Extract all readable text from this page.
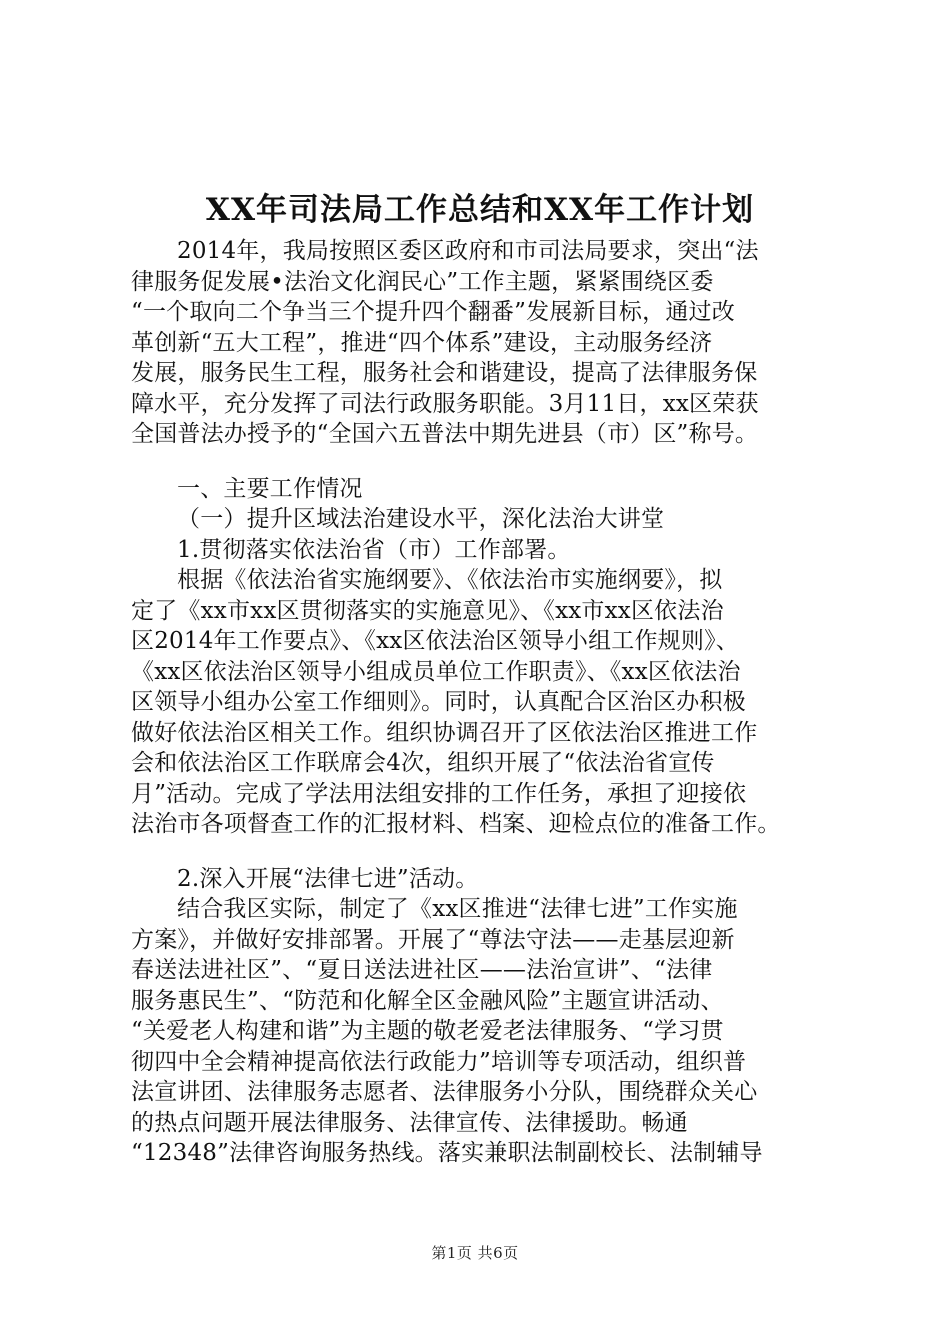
XX年司法局工作总结和XX年工作计划
2014年，我局按照区委区政府和市司法局要求，突出“法
律服务促发展•法治文化润民心”工作主题，紧紧围绕区委
“一个取向二个争当三个提升四个翻番”发展新目标，通过改
革创新“五大工程”，推进“四个体系”建设，主动服务经济
发展，服务民生工程，服务社会和谐建设，提高了法律服务保
障水平，充分发挥了司法行政服务职能。3月11日，xx区荣获
全国普法办授予的“全国六五普法中期先进县（市）区”称号。
一、主要工作情况
（一）提升区域法治建设水平，深化法治大讲堂
1.贯彻落实依法治省（市）工作部署。
根据《依法治省实施纲要》、《依法治市实施纲要》，拟
定了《xx市xx区贯彻落实的实施意见》、《xx市xx区依法治
区2014年工作要点》、《xx区依法治区领导小组工作规则》、
《xx区依法治区领导小组成员单位工作职责》、《xx区依法治
区领导小组办公室工作细则》。同时，认真配合区治区办积极
做好依法治区相关工作。组织协调召开了区依法治区推进工作
会和依法治区工作联席会4次，组织开展了“依法治省宣传
月”活动。完成了学法用法组安排的工作任务，承担了迎接依
法治市各项督查工作的汇报材料、档案、迎检点位的准备工作。
2.深入开展“法律七进”活动。
结合我区实际，制定了《xx区推进“法律七进”工作实施
方案》，并做好安排部署。开展了“尊法守法——走基层迎新
春送法进社区”、“夏日送法进社区——法治宣讲”、“法律
服务惠民生”、“防范和化解全区金融风险”主题宣讲活动、
“关爱老人构建和谐”为主题的敬老爱老法律服务、“学习贯
彻四中全会精神提高依法行政能力”培训等专项活动，组织普
法宣讲团、法律服务志愿者、法律服务小分队，围绕群众关心
的热点问题开展法律服务、法律宣传、法律援助。畅通
“12348”法律咨询服务热线。落实兼职法制副校长、法制辅导
第1页 共6页
